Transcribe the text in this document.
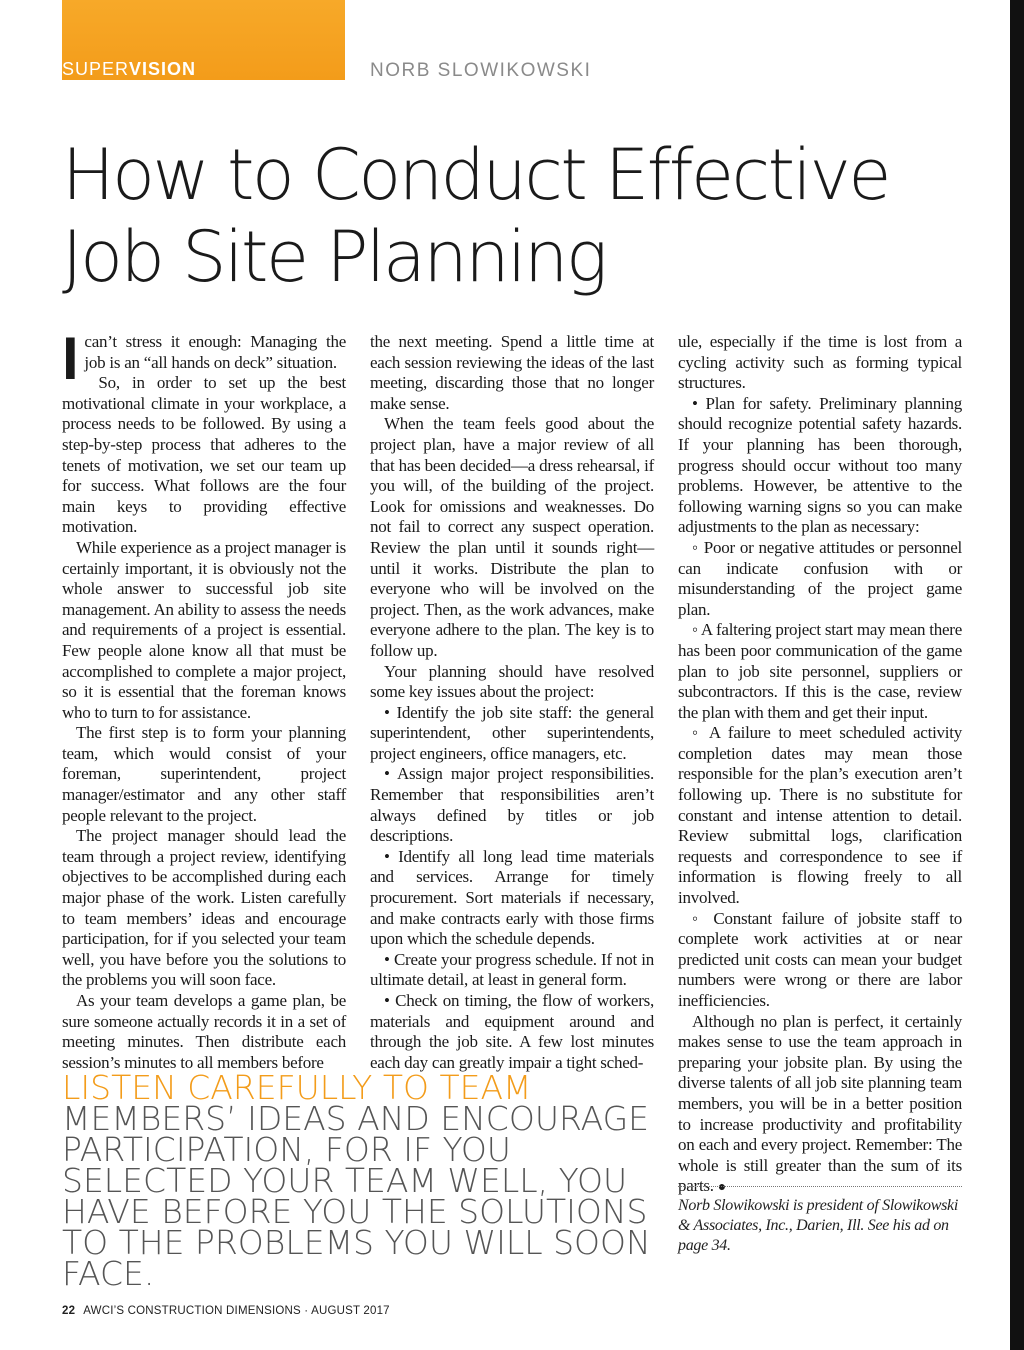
SUPERVISION	NORB SLOWIKOWSKI
How to Conduct Effective
Job Site Planning

I can’t stress it enough: Managing the job is an “all hands on deck” situation.

So, in order to set up the best motivational climate in your workplace, a process needs to be followed. By using a step-by-step process that adheres to the tenets of motivation, we set our team up for success. What follows are the four main keys to providing effective motivation.

While experience as a project manager is certainly important, it is obviously not the whole answer to successful job site management. An ability to assess the needs and requirements of a project is essential. Few people alone know all that must be accomplished to complete a major project, so it is essential that the foreman knows who to turn to for assistance.

The first step is to form your planning team, which would consist of your foreman, superintendent, project manager/estimator and any other staff people relevant to the project.

The project manager should lead the team through a project review, identifying objectives to be accomplished during each major phase of the work. Listen carefully to team members’ ideas and encourage participation, for if you selected your team well, you have before you the solutions to the problems you will soon face.

As your team develops a game plan, be sure someone actually records it in a set of meeting minutes. Then distribute each session’s minutes to all members before

the next meeting. Spend a little time at each session reviewing the ideas of the last meeting, discarding those that no longer make sense.

When the team feels good about the project plan, have a major review of all that has been decided—a dress rehearsal, if you will, of the building of the project. Look for omissions and weaknesses. Do not fail to correct any suspect operation. Review the plan until it sounds right—until it works. Distribute the plan to everyone who will be involved on the project. Then, as the work advances, make everyone adhere to the plan. The key is to follow up.

Your planning should have resolved some key issues about the project:

• Identify the job site staff: the general superintendent, other superintendents, project engineers, office managers, etc.

• Assign major project responsibilities. Remember that responsibilities aren’t always defined by titles or job descriptions.

• Identify all long lead time materials and services. Arrange for timely procurement. Sort materials if necessary, and make contracts early with those firms upon which the schedule depends.

• Create your progress schedule. If not in ultimate detail, at least in general form.

• Check on timing, the flow of workers, materials and equipment around and through the job site. A few lost minutes each day can greatly impair a tight sched-

ule, especially if the time is lost from a cycling activity such as forming typical structures.

• Plan for safety. Preliminary planning should recognize potential safety hazards. If your planning has been thorough, progress should occur without too many problems. However, be attentive to the following warning signs so you can make adjustments to the plan as necessary:

◦ Poor or negative attitudes or personnel can indicate confusion with or misunderstanding of the project game plan.

◦ A faltering project start may mean there has been poor communication of the game plan to job site personnel, suppliers or subcontractors. If this is the case, review the plan with them and get their input.

◦ A failure to meet scheduled activity completion dates may mean those responsible for the plan’s execution aren’t following up. There is no substitute for constant and intense attention to detail. Review submittal logs, clarification requests and correspondence to see if information is flowing freely to all involved.

◦ Constant failure of jobsite staff to complete work activities at or near predicted unit costs can mean your budget numbers were wrong or there are labor inefficiencies.

Although no plan is perfect, it certainly makes sense to use the team approach in preparing your jobsite plan. By using the diverse talents of all job site planning team members, you will be in a better position to increase productivity and profitability on each and every project. Remember: The whole is still greater than the sum of its parts. ●

LISTEN CAREFULLY TO TEAM MEMBERS’ IDEAS AND ENCOURAGE PARTICIPATION, FOR IF YOU SELECTED YOUR TEAM WELL, YOU HAVE BEFORE YOU THE SOLUTIONS TO THE PROBLEMS YOU WILL SOON FACE.
Norb Slowikowski is president of Slowikowski & Associates, Inc., Darien, Ill. See his ad on page 34.
22 AWCI’S CONSTRUCTION DIMENSIONS · AUGUST 2017
